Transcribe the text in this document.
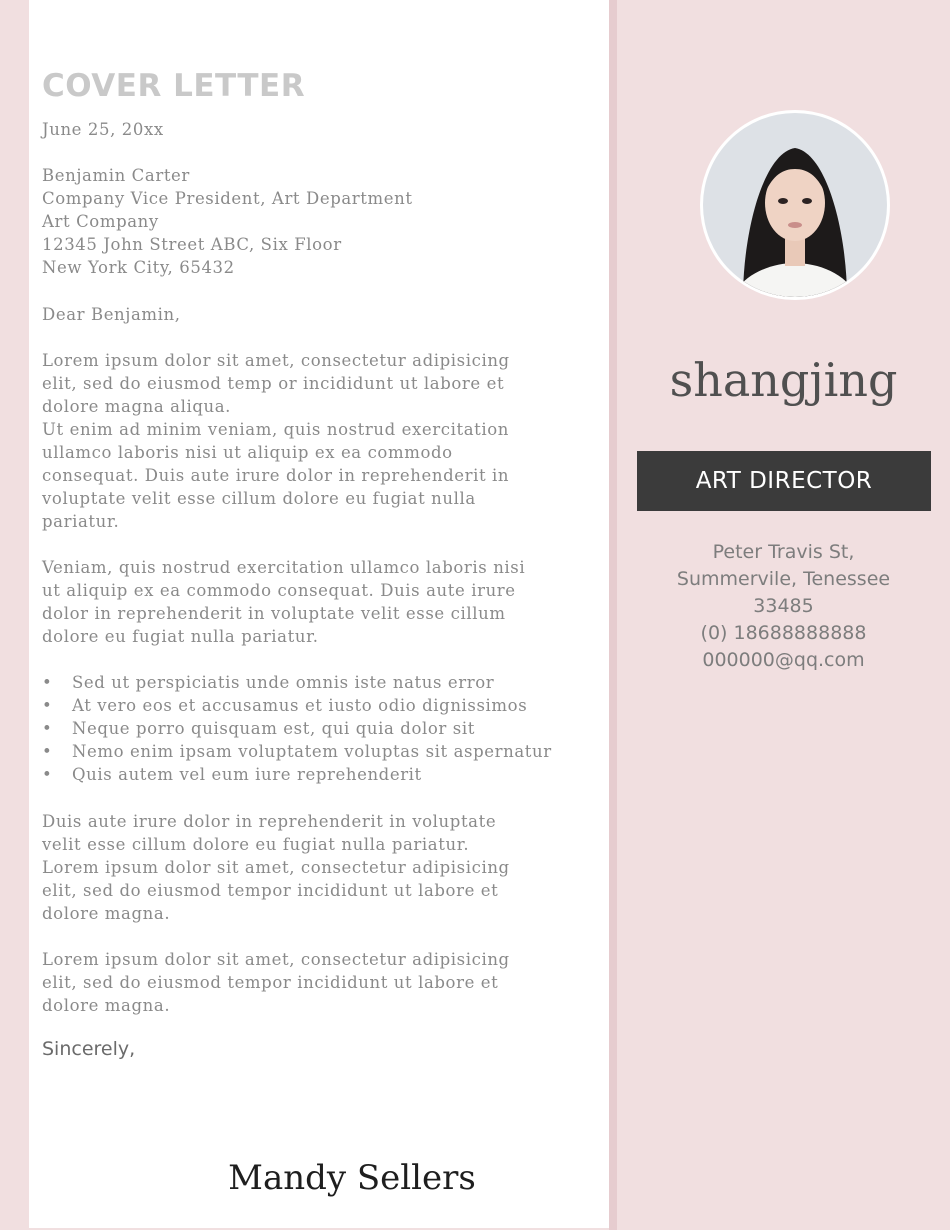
COVER LETTER
June 25, 20xx
Benjamin Carter
Company Vice President, Art Department
Art Company
12345 John Street ABC, Six Floor
New York City, 65432
Dear Benjamin,
Lorem ipsum dolor sit amet, consectetur adipisicing
elit, sed do eiusmod temp or incididunt ut labore et
dolore magna aliqua.
Ut enim ad minim veniam, quis nostrud exercitation
ullamco laboris nisi ut aliquip ex ea commodo
consequat. Duis aute irure dolor in reprehenderit in
voluptate velit esse cillum dolore eu fugiat nulla
pariatur.
Veniam, quis nostrud exercitation ullamco laboris nisi
ut aliquip ex ea commodo consequat. Duis aute irure
dolor in reprehenderit in voluptate velit esse cillum
dolore eu fugiat nulla pariatur.
• Sed ut perspiciatis unde omnis iste natus error
• At vero eos et accusamus et iusto odio dignissimos
• Neque porro quisquam est, qui quia dolor sit
• Nemo enim ipsam voluptatem voluptas sit aspernatur
• Quis autem vel eum iure reprehenderit
Duis aute irure dolor in reprehenderit in voluptate
velit esse cillum dolore eu fugiat nulla pariatur.
Lorem ipsum dolor sit amet, consectetur adipisicing
elit, sed do eiusmod tempor incididunt ut labore et
dolore magna.
Lorem ipsum dolor sit amet, consectetur adipisicing
elit, sed do eiusmod tempor incididunt ut labore et
dolore magna.
Sincerely,
Mandy Sellers
shangjing
ART DIRECTOR
Peter Travis St,
Summervile, Tenessee
33485
(0) 18688888888
000000@qq.com
